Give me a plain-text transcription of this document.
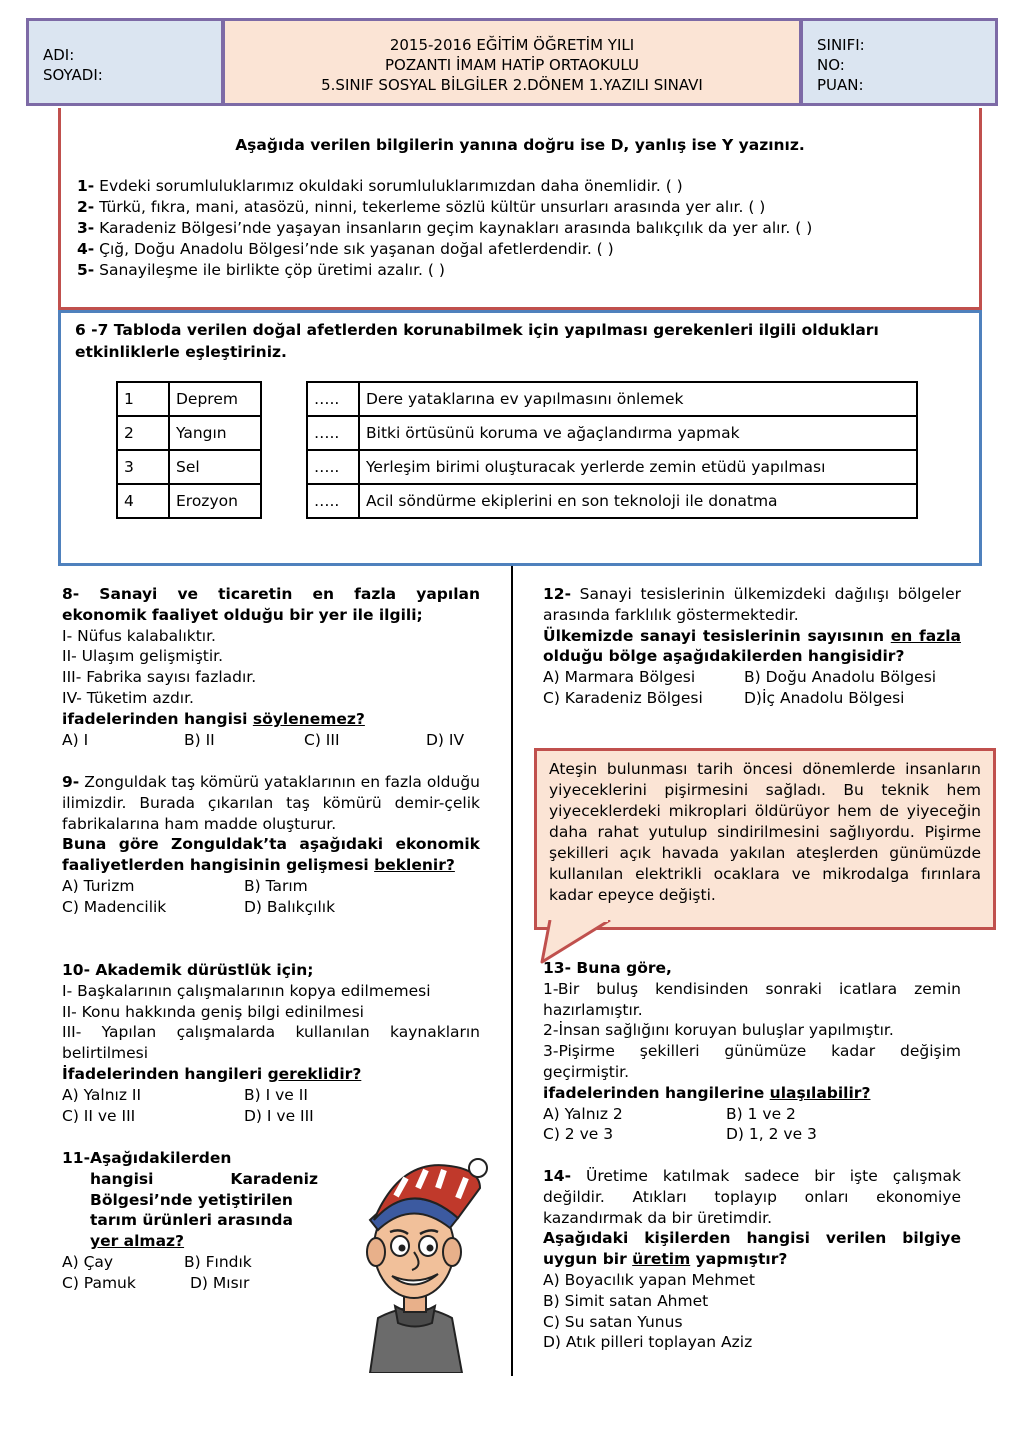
ADI:
SOYADI:
2015-2016 EĞİTİM ÖĞRETİM YILI
POZANTI İMAM HATİP ORTAOKULU
5.SINIF SOSYAL BİLGİLER 2.DÖNEM 1.YAZILI SINAVI
SINIFI:
NO:
PUAN:
Aşağıda verilen bilgilerin yanına doğru ise D, yanlış ise Y yazınız.
1- Evdeki sorumluluklarımız okuldaki sorumluluklarımızdan daha önemlidir. ( )
2- Türkü, fıkra, mani, atasözü, ninni, tekerleme sözlü kültür unsurları arasında yer alır. ( )
3- Karadeniz Bölgesi’nde yaşayan insanların geçim kaynakları arasında balıkçılık da yer alır. ( )
4- Çığ, Doğu Anadolu Bölgesi’nde sık yaşanan doğal afetlerdendir. ( )
5- Sanayileşme ile birlikte çöp üretimi azalır. ( )
6 -7 Tabloda verilen doğal afetlerden korunabilmek için yapılması gerekenleri ilgili oldukları etkinliklerle eşleştiriniz.
1	Deprem
2	Yangın
3	Sel
4	Erozyon
…..	Dere yataklarına ev yapılmasını önlemek
…..	Bitki örtüsünü koruma ve ağaçlandırma yapmak
…..	Yerleşim birimi oluşturacak yerlerde zemin etüdü yapılması
…..	Acil söndürme ekiplerini en son teknoloji ile donatma
8- Sanayi ve ticaretin en fazla yapılan ekonomik faaliyet olduğu bir yer ile ilgili;
I- Nüfus kalabalıktır.
II- Ulaşım gelişmiştir.
III- Fabrika sayısı fazladır.
IV- Tüketim azdır.
ifadelerinden hangisi söylenemez?
A) I	B) II	C) III	D) IV
9- Zonguldak taş kömürü yataklarının en fazla olduğu ilimizdir. Burada çıkarılan taş kömürü demir-çelik fabrikalarına ham madde oluşturur.
Buna göre Zonguldak’ta aşağıdaki ekonomik faaliyetlerden hangisinin gelişmesi beklenir?
A) Turizm	B) Tarım
C) Madencilik	D) Balıkçılık
10- Akademik dürüstlük için;
I- Başkalarının çalışmalarının kopya edilmemesi
II- Konu hakkında geniş bilgi edinilmesi
III- Yapılan çalışmalarda kullanılan kaynakların belirtilmesi
İfadelerinden hangileri gereklidir?
A) Yalnız II	B) I ve II
C) II ve III	D) I ve III
11-Aşağıdakilerden
hangisi Karadeniz
Bölgesi’nde yetiştirilen
tarım ürünleri arasında
yer almaz?
A) Çay	B) Fındık
C) Pamuk	D) Mısır
12- Sanayi tesislerinin ülkemizdeki dağılışı bölgeler arasında farklılık göstermektedir.
Ülkemizde sanayi tesislerinin sayısının en fazla olduğu bölge aşağıdakilerden hangisidir?
A) Marmara Bölgesi	B) Doğu Anadolu Bölgesi
C) Karadeniz Bölgesi	D)İç Anadolu Bölgesi
Ateşin bulunması tarih öncesi dönemlerde insanların yiyeceklerini pişirmesini sağladı. Bu teknik hem yiyeceklerdeki mikroplari öldürüyor hem de yiyeceğin daha rahat yutulup sindirilmesini sağlıyordu. Pişirme şekilleri açık havada yakılan ateşlerden günümüzde kullanılan elektrikli ocaklara ve mikrodalga fırınlara kadar epeyce değişti.
13- Buna göre,
1-Bir buluş kendisinden sonraki icatlara zemin hazırlamıştır.
2-İnsan sağlığını koruyan buluşlar yapılmıştır.
3-Pişirme şekilleri günümüze kadar değişim geçirmiştir.
ifadelerinden hangilerine ulaşılabilir?
A) Yalnız 2	B) 1 ve 2
C) 2 ve 3	D) 1, 2 ve 3
14- Üretime katılmak sadece bir işte çalışmak değildir. Atıkları toplayıp onları ekonomiye kazandırmak da bir üretimdir.
Aşağıdaki kişilerden hangisi verilen bilgiye uygun bir üretim yapmıştır?
A) Boyacılık yapan Mehmet
B) Simit satan Ahmet
C) Su satan Yunus
D) Atık pilleri toplayan Aziz
